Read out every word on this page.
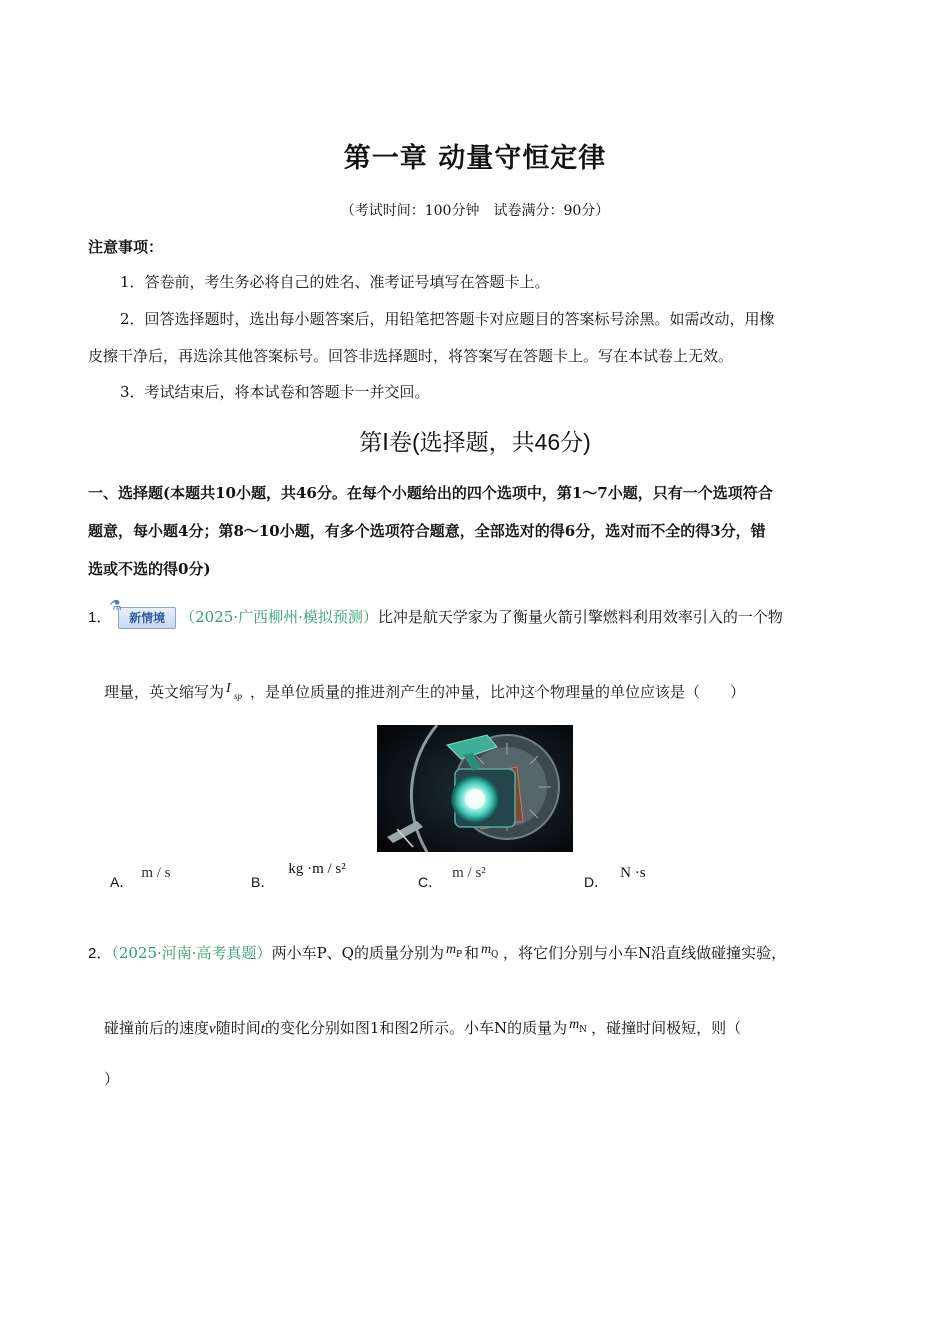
第一章 动量守恒定律
（考试时间：100分钟　试卷满分：90分）
注意事项：
1．答卷前，考生务必将自己的姓名、准考证号填写在答题卡上。
2．回答选择题时，选出每小题答案后，用铅笔把答题卡对应题目的答案标号涂黑。如需改动，用橡
皮擦干净后，再选涂其他答案标号。回答非选择题时，将答案写在答题卡上。写在本试卷上无效。
3．考试结束后，将本试卷和答题卡一并交回。
第Ⅰ卷(选择题，共46分)
一、选择题(本题共10小题，共46分。在每个小题给出的四个选项中，第1～7小题，只有一个选项符合
题意，每小题4分；第8～10小题，有多个选项符合题意，全部选对的得6分，选对而不全的得3分，错
选或不选的得0分)
1．
⚗
新情境 （2025·广西柳州·模拟预测）比冲是航天学家为了衡量火箭引擎燃料利用效率引入的一个物
理量，英文缩写为 I sp ，是单位质量的推进剂产生的冲量，比冲这个物理量的单位应该是（　　）
A．m / s
B．kg ·m / s²
C．m / s²
D．N ·s
2．（2025·河南·高考真题）两小车P、Q的质量分别为 m P 和 m Q ，将它们分别与小车N沿直线做碰撞实验，
碰撞前后的速度v随时间t的变化分别如图1和图2所示。小车N的质量为 m N ，碰撞时间极短，则（
）
